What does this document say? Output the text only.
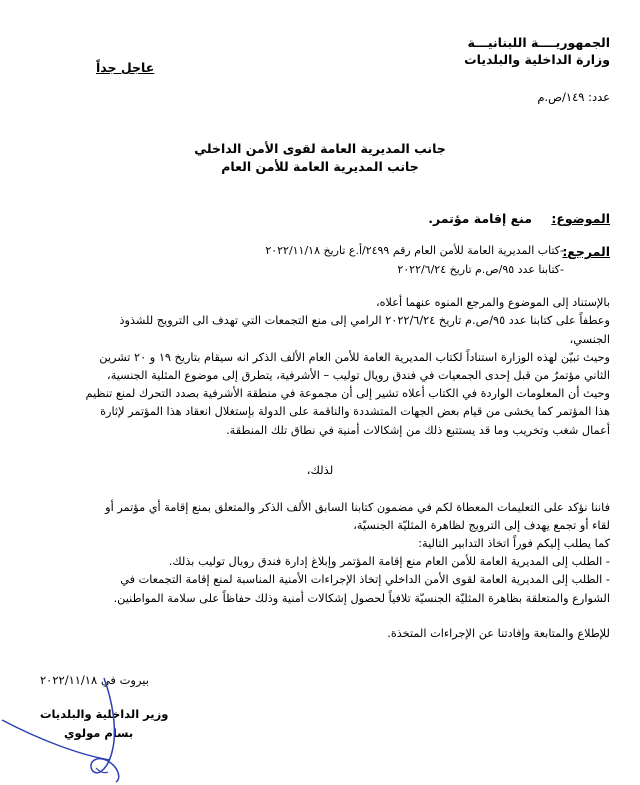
الجمهوريــــة اللبنانيـــة
وزارة الداخلية والبلديات
عاجل جداً
عدد: ١٤٩/ص.م
جانب المديرية العامة لقوى الأمن الداخلي
جانب المديرية العامة للأمن العام
الموضوع:
منع إقامة مؤتمر.
المرجع:
-كتاب المديرية العامة للأمن العام رقم ٢٤٩٩/أ.ع تاريخ ٢٠٢٢/١١/١٨
-كتابنا عدد ٩٥/ص.م تاريخ ٢٠٢٢/٦/٢٤
بالإستناد إلى الموضوع والمرجع المنوه عنهما أعلاه،
وعطفاً على كتابنا عدد ٩٥/ص.م تاريخ ٢٠٢٢/٦/٢٤ الرامي إلى منع التجمعات التي تهدف الى الترويج للشذوذ
الجنسي،
وحيث تبيّن لهذه الوزارة استناداً لكتاب المديرية العامة للأمن العام الألف الذكر انه سيقام بتاريخ ١٩ و ٢٠ تشرين
الثاني مؤتمرٌ من قبل إحدى الجمعيات في فندق رويال توليب – الأشرفية، يتطرق إلى موضوع المثلية الجنسية،
وحيث أن المعلومات الواردة في الكتاب أعلاه تشير إلى أن مجموعة في منطقة الأشرفية بصدد التحرك لمنع تنظيم
هذا المؤتمر كما يخشى من قيام بعض الجهات المتشددة والناقمة على الدولة بإستغلال انعقاد هذا المؤتمر لإثارة
أعمال شغب وتخريب وما قد يستتبع ذلك من إشكالات أمنية في نطاق تلك المنطقة.
لذلك،
فاننا نؤكد على التعليمات المعطاة لكم في مضمون كتابنا السابق الألف الذكر والمتعلق بمنع إقامة أي مؤتمر أو
لقاء أو تجمع يهدف إلى الترويج لظاهرة المثليّة الجنسيّة،
كما يطلب إليكم فوراً اتخاذ التدابير التالية:
- الطلب إلى المديرية العامة للأمن العام منع إقامة المؤتمر وإبلاغ إدارة فندق رويال توليب بذلك.
- الطلب إلى المديرية العامة لقوى الأمن الداخلي إتخاذ الإجراءات الأمنية المناسبة لمنع إقامة التجمعات في
الشوارع والمتعلقة بظاهرة المثليّة الجنسيّة تلافياً لحصول إشكالات أمنية وذلك حفاظاً على سلامة المواطنين.
للإطلاع والمتابعة وإفادتنا عن الإجراءات المتخذة.
بيروت في ٢٠٢٢/١١/١٨
وزير الداخلية والبلديات
بسام مولوي
